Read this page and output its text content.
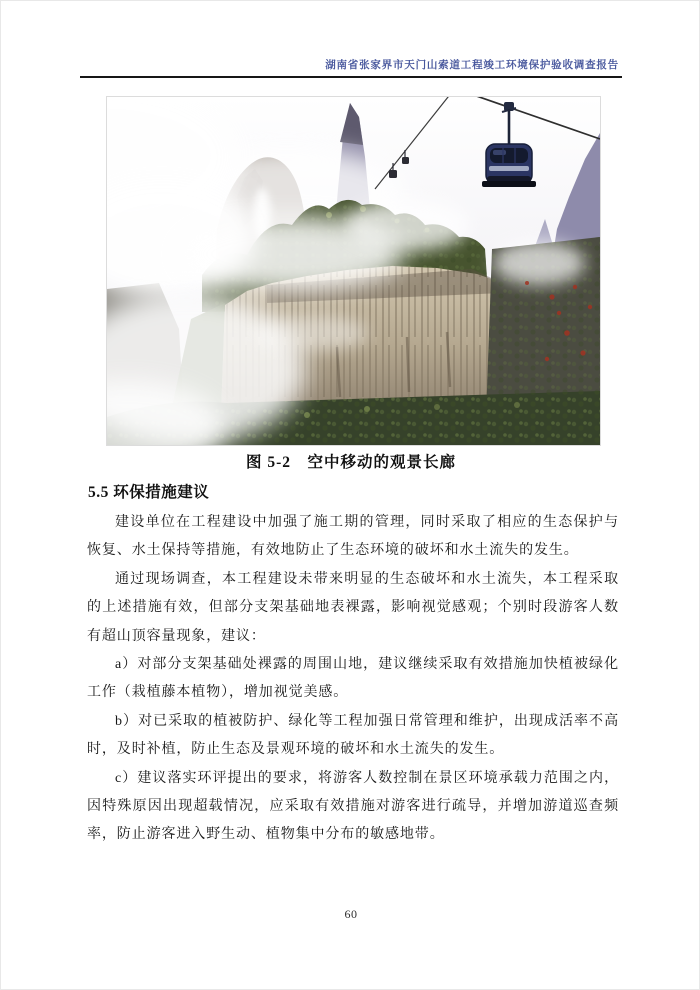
湖南省张家界市天门山索道工程竣工环境保护验收调查报告
图 5-2　空中移动的观景长廊
5.5 环保措施建议

建设单位在工程建设中加强了施工期的管理，同时采取了相应的生态保护与恢复、水土保持等措施，有效地防止了生态环境的破坏和水土流失的发生。

通过现场调查，本工程建设未带来明显的生态破坏和水土流失，本工程采取的上述措施有效，但部分支架基础地表裸露，影响视觉感观；个别时段游客人数有超山顶容量现象，建议：

a）对部分支架基础处裸露的周围山地，建议继续采取有效措施加快植被绿化工作（栽植藤本植物），增加视觉美感。

b）对已采取的植被防护、绿化等工程加强日常管理和维护，出现成活率不高时，及时补植，防止生态及景观环境的破坏和水土流失的发生。

c）建议落实环评提出的要求，将游客人数控制在景区环境承载力范围之内，因特殊原因出现超载情况，应采取有效措施对游客进行疏导，并增加游道巡查频率，防止游客进入野生动、植物集中分布的敏感地带。

60
